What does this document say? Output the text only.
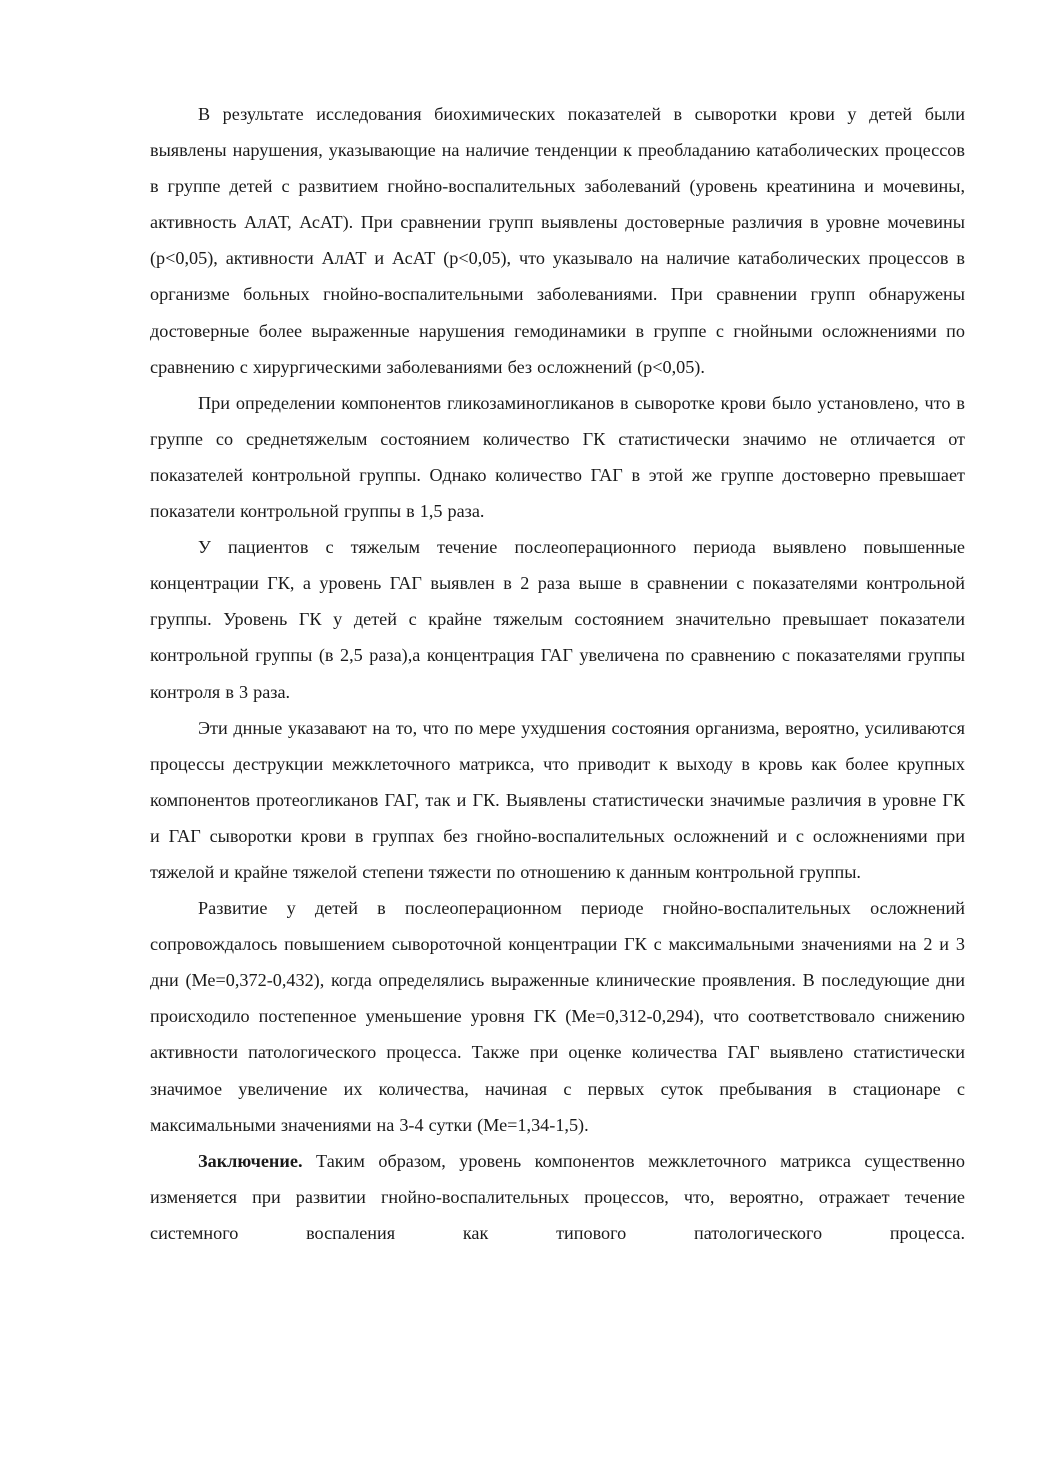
В результате исследования биохимических показателей в сыворотки крови у детей были выявлены нарушения, указывающие на наличие тенденции к преобладанию катаболических процессов в группе детей с развитием гнойно-воспалительных заболеваний (уровень креатинина и мочевины, активность АлАТ, АсАТ). При сравнении групп выявлены достоверные различия в уровне мочевины (р<0,05), активности АлАТ и АсАТ (р<0,05), что указывало на наличие катаболических процессов в организме больных гнойно-воспалительными заболеваниями. При сравнении групп обнаружены достоверные более выраженные нарушения гемодинамики в группе с гнойными осложнениями по сравнению с хирургическими заболеваниями без осложнений (р<0,05).

При определении компонентов гликозаминогликанов в сыворотке крови было установлено, что в группе со среднетяжелым состоянием количество ГК статистически значимо не отличается от показателей контрольной группы. Однако количество ГАГ в этой же группе достоверно превышает показатели контрольной группы в 1,5 раза.

У пациентов с тяжелым течение послеоперационного периода выявлено повышенные концентрации ГК, а уровень ГАГ выявлен в 2 раза выше в сравнении с показателями контрольной группы. Уровень ГК у детей с крайне тяжелым состоянием значительно превышает показатели контрольной группы (в 2,5 раза),а концентрация ГАГ увеличена по сравнению с показателями группы контроля в 3 раза.

Эти днные указавают на то, что по мере ухудшения состояния организма, вероятно, усиливаются процессы деструкции межклеточного матрикса, что приводит к выходу в кровь как более крупных компонентов протеогликанов ГАГ, так и ГК. Выявлены статистически значимые различия в уровне ГК и ГАГ сыворотки крови в группах без гнойно-воспалительных осложнений и с осложнениями при тяжелой и крайне тяжелой степени тяжести по отношению к данным контрольной группы.

Развитие у детей в послеоперационном периоде гнойно-воспалительных осложнений сопровождалось повышением сывороточной концентрации ГК с максимальными значениями на 2 и 3 дни (Ме=0,372-0,432), когда определялись выраженные клинические проявления. В последующие дни происходило постепенное уменьшение уровня ГК (Ме=0,312-0,294), что соответствовало снижению активности патологического процесса. Также при оценке количества ГАГ выявлено статистически значимое увеличение их количества, начиная с первых суток пребывания в стационаре с максимальными значениями на 3-4 сутки (Ме=1,34-1,5).

Заключение. Таким образом, уровень компонентов межклеточного матрикса существенно изменяется при развитии гнойно-воспалительных процессов, что, вероятно, отражает течение системного воспаления как типового патологического процесса.
